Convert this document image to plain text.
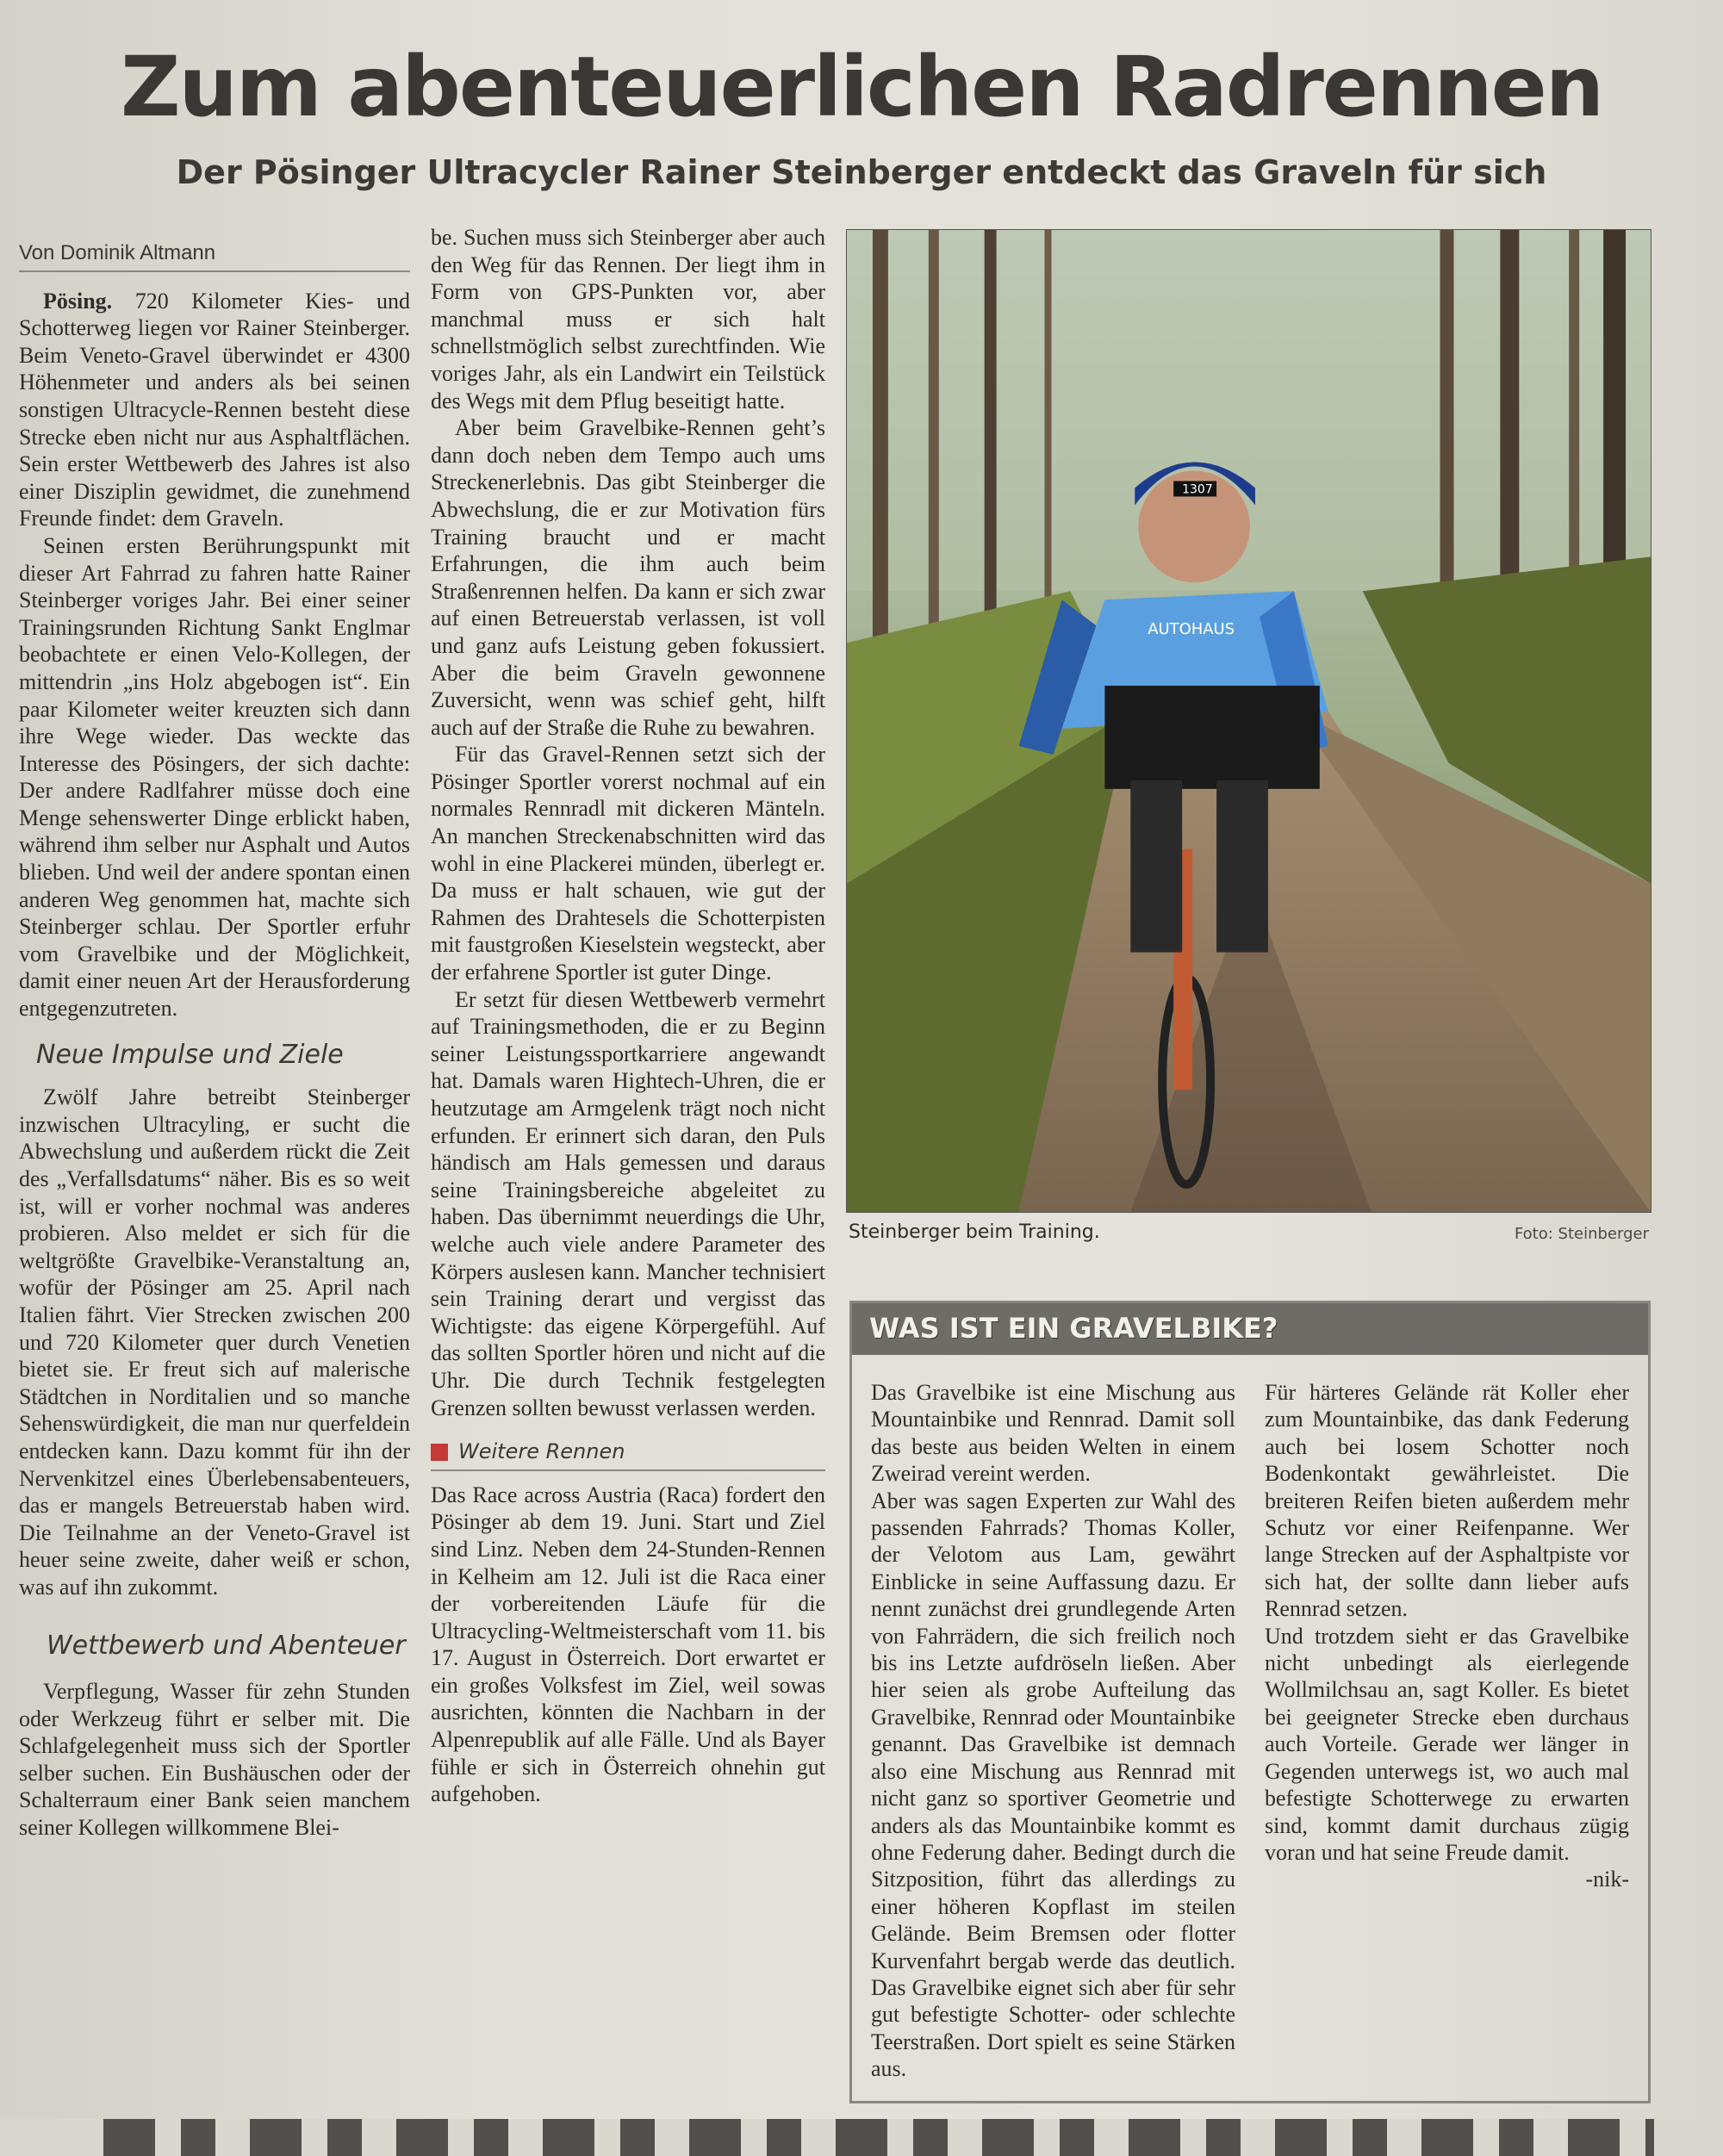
Zum abenteuerlichen Radrennen
Der Pösinger Ultracycler Rainer Steinberger entdeckt das Graveln für sich
Von Dominik Altmann

Pösing. 720 Kilometer Kies- und Schotterweg liegen vor Rainer Steinberger. Beim Veneto-Gravel überwindet er 4300 Höhenmeter und anders als bei seinen sonstigen Ultracycle-Rennen besteht diese Strecke eben nicht nur aus Asphaltflächen. Sein erster Wettbewerb des Jahres ist also einer Disziplin gewidmet, die zunehmend Freunde findet: dem Graveln.

Seinen ersten Berührungspunkt mit dieser Art Fahrrad zu fahren hatte Rainer Steinberger voriges Jahr. Bei einer seiner Trainingsrunden Richtung Sankt Englmar beobachtete er einen Velo-Kollegen, der mittendrin „ins Holz abgebogen ist“. Ein paar Kilometer weiter kreuzten sich dann ihre Wege wieder. Das weckte das Interesse des Pösingers, der sich dachte: Der andere Radlfahrer müsse doch eine Menge sehenswerter Dinge erblickt haben, während ihm selber nur Asphalt und Autos blieben. Und weil der andere spontan einen anderen Weg genommen hat, machte sich Steinberger schlau. Der Sportler erfuhr vom Gravelbike und der Möglichkeit, damit einer neuen Art der Herausforderung entgegenzutreten.

Neue Impulse und Ziele

Zwölf Jahre betreibt Steinberger inzwischen Ultracyling, er sucht die Abwechslung und außerdem rückt die Zeit des „Verfallsdatums“ näher. Bis es so weit ist, will er vorher nochmal was anderes probieren. Also meldet er sich für die weltgrößte Gravelbike-Veranstaltung an, wofür der Pösinger am 25. April nach Italien fährt. Vier Strecken zwischen 200 und 720 Kilometer quer durch Venetien bietet sie. Er freut sich auf malerische Städtchen in Norditalien und so manche Sehenswürdigkeit, die man nur querfeldein entdecken kann. Dazu kommt für ihn der Nervenkitzel eines Überlebensabenteuers, das er mangels Betreuerstab haben wird. Die Teilnahme an der Veneto-Gravel ist heuer seine zweite, daher weiß er schon, was auf ihn zukommt.

Wettbewerb und Abenteuer

Verpflegung, Wasser für zehn Stunden oder Werkzeug führt er selber mit. Die Schlafgelegenheit muss sich der Sportler selber suchen. Ein Bushäuschen oder der Schalterraum einer Bank seien manchem seiner Kollegen willkommene Blei-

be. Suchen muss sich Steinberger aber auch den Weg für das Rennen. Der liegt ihm in Form von GPS-Punkten vor, aber manchmal muss er sich halt schnellstmöglich selbst zurechtfinden. Wie voriges Jahr, als ein Landwirt ein Teilstück des Wegs mit dem Pflug beseitigt hatte.

Aber beim Gravelbike-Rennen geht’s dann doch neben dem Tempo auch ums Streckenerlebnis. Das gibt Steinberger die Abwechslung, die er zur Motivation fürs Training braucht und er macht Erfahrungen, die ihm auch beim Straßenrennen helfen. Da kann er sich zwar auf einen Betreuerstab verlassen, ist voll und ganz aufs Leistung geben fokussiert. Aber die beim Graveln gewonnene Zuversicht, wenn was schief geht, hilft auch auf der Straße die Ruhe zu bewahren.

Für das Gravel-Rennen setzt sich der Pösinger Sportler vorerst nochmal auf ein normales Rennradl mit dickeren Mänteln. An manchen Streckenabschnitten wird das wohl in eine Plackerei münden, überlegt er. Da muss er halt schauen, wie gut der Rahmen des Drahtesels die Schotterpisten mit faustgroßen Kieselstein wegsteckt, aber der erfahrene Sportler ist guter Dinge.

Er setzt für diesen Wettbewerb vermehrt auf Trainingsmethoden, die er zu Beginn seiner Leistungssportkarriere angewandt hat. Damals waren Hightech-Uhren, die er heutzutage am Armgelenk trägt noch nicht erfunden. Er erinnert sich daran, den Puls händisch am Hals gemessen und daraus seine Trainingsbereiche abgeleitet zu haben. Das übernimmt neuerdings die Uhr, welche auch viele andere Parameter des Körpers auslesen kann. Mancher technisiert sein Training derart und vergisst das Wichtigste: das eigene Körpergefühl. Auf das sollten Sportler hören und nicht auf die Uhr. Die durch Technik festgelegten Grenzen sollten bewusst verlassen werden.

Weitere Rennen

Das Race across Austria (Raca) fordert den Pösinger ab dem 19. Juni. Start und Ziel sind Linz. Neben dem 24-Stunden-Rennen in Kelheim am 12. Juli ist die Raca einer der vorbereitenden Läufe für die Ultracycling-Weltmeisterschaft vom 11. bis 17. August in Österreich. Dort erwartet er ein großes Volksfest im Ziel, weil sowas ausrichten, könnten die Nachbarn in der Alpenrepublik auf alle Fälle. Und als Bayer fühle er sich in Österreich ohnehin gut aufgehoben.

1307
AUTOHAUS
Steinberger beim Training.	Foto: Steinberger
WAS IST EIN GRAVELBIKE?

Das Gravelbike ist eine Mischung aus Mountainbike und Rennrad. Damit soll das beste aus beiden Welten in einem Zweirad vereint werden.

Aber was sagen Experten zur Wahl des passenden Fahrrads? Thomas Koller, der Velotom aus Lam, gewährt Einblicke in seine Auffassung dazu. Er nennt zunächst drei grundlegende Arten von Fahrrädern, die sich freilich noch bis ins Letzte aufdröseln ließen. Aber hier seien als grobe Aufteilung das Gravelbike, Rennrad oder Mountainbike genannt. Das Gravelbike ist demnach also eine Mischung aus Rennrad mit nicht ganz so sportiver Geometrie und anders als das Mountainbike kommt es ohne Federung daher. Bedingt durch die Sitzposition, führt das allerdings zu einer höheren Kopflast im steilen Gelände. Beim Bremsen oder flotter Kurvenfahrt bergab werde das deutlich. Das Gravelbike eignet sich aber für sehr gut befestigte Schotter- oder schlechte Teerstraßen. Dort spielt es seine Stärken aus.

Für härteres Gelände rät Koller eher zum Mountainbike, das dank Federung auch bei losem Schotter noch Bodenkontakt gewährleistet. Die breiteren Reifen bieten außerdem mehr Schutz vor einer Reifenpanne. Wer lange Strecken auf der Asphaltpiste vor sich hat, der sollte dann lieber aufs Rennrad setzen.

Und trotzdem sieht er das Gravelbike nicht unbedingt als eierlegende Wollmilchsau an, sagt Koller. Es bietet bei geeigneter Strecke eben durchaus auch Vorteile. Gerade wer länger in Gegenden unterwegs ist, wo auch mal befestigte Schotterwege zu erwarten sind, kommt damit durchaus zügig voran und hat seine Freude damit.

-nik-
